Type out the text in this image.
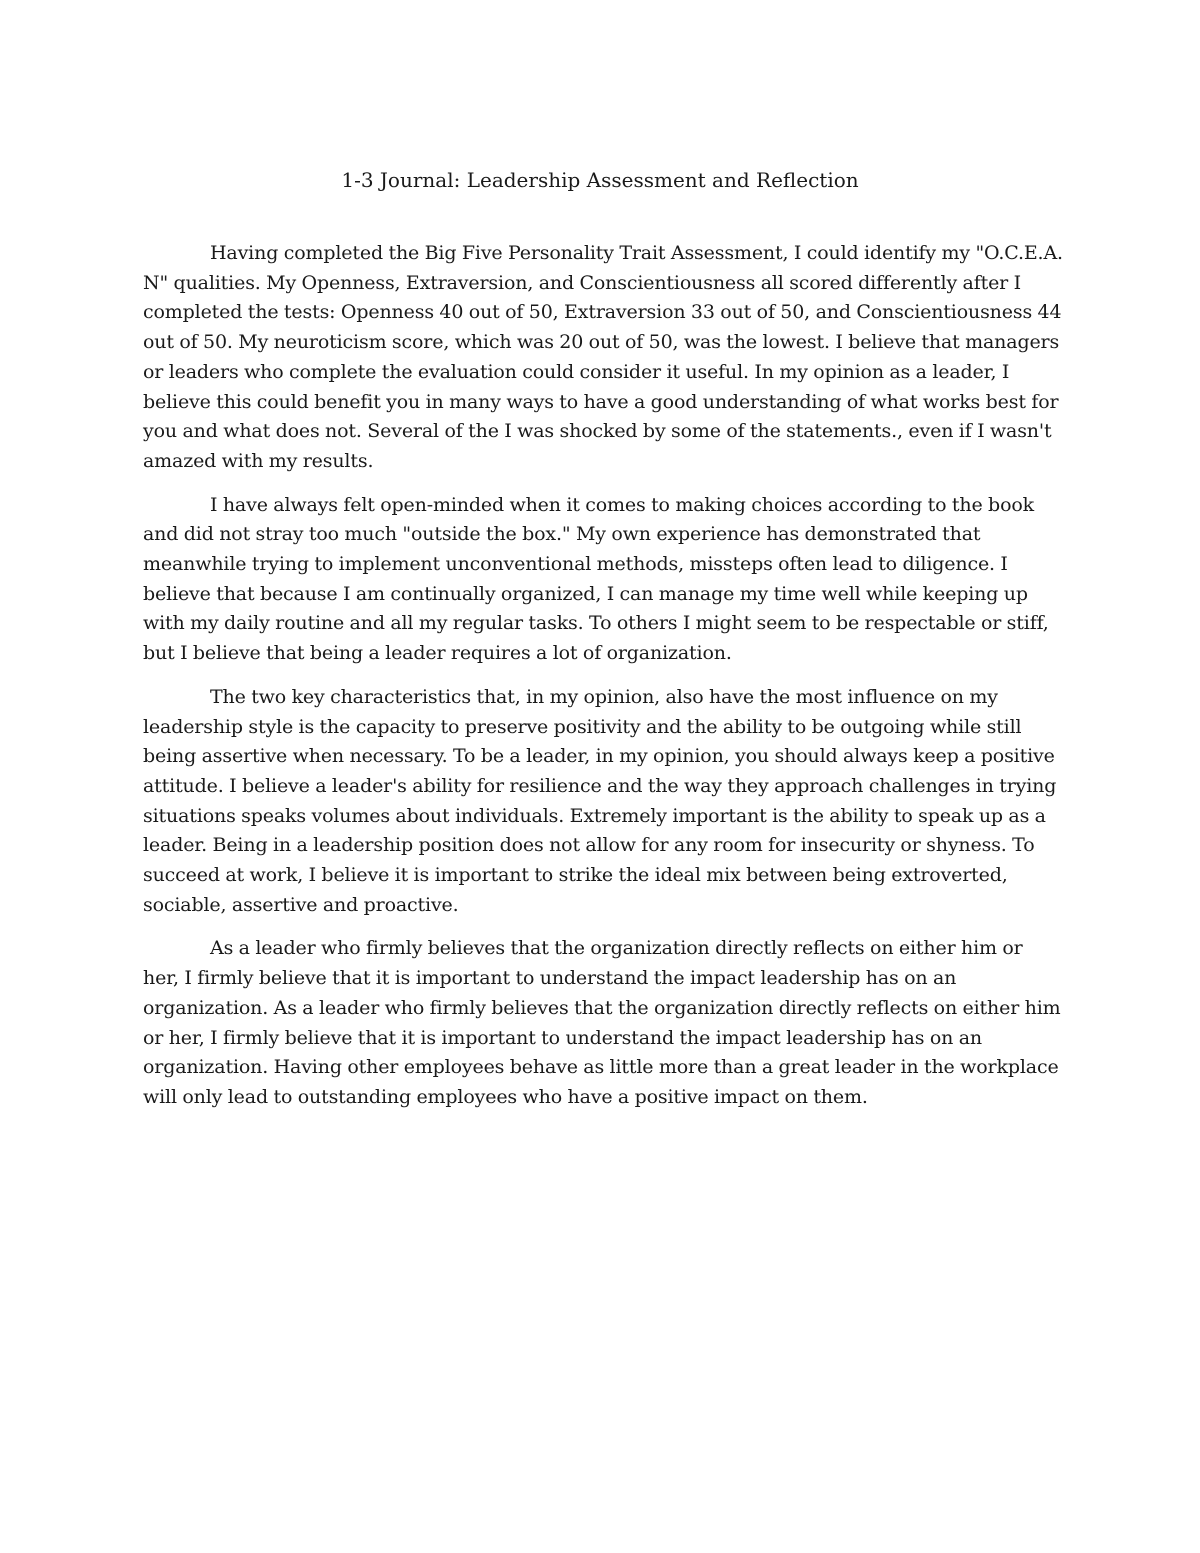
1-3 Journal: Leadership Assessment and Reflection

Having completed the Big Five Personality Trait Assessment, I could identify my "O.C.E.A. N" qualities. My Openness, Extraversion, and Conscientiousness all scored differently after I completed the tests: Openness 40 out of 50, Extraversion 33 out of 50, and Conscientiousness 44 out of 50. My neuroticism score, which was 20 out of 50, was the lowest. I believe that managers or leaders who complete the evaluation could consider it useful. In my opinion as a leader, I believe this could benefit you in many ways to have a good understanding of what works best for you and what does not. Several of the I was shocked by some of the statements., even if I wasn't amazed with my results.

I have always felt open-minded when it comes to making choices according to the book and did not stray too much "outside the box." My own experience has demonstrated that meanwhile trying to implement unconventional methods, missteps often lead to diligence. I believe that because I am continually organized, I can manage my time well while keeping up with my daily routine and all my regular tasks. To others I might seem to be respectable or stiff, but I believe that being a leader requires a lot of organization.

The two key characteristics that, in my opinion, also have the most influence on my leadership style is the capacity to preserve positivity and the ability to be outgoing while still being assertive when necessary. To be a leader, in my opinion, you should always keep a positive attitude. I believe a leader's ability for resilience and the way they approach challenges in trying situations speaks volumes about individuals. Extremely important is the ability to speak up as a leader. Being in a leadership position does not allow for any room for insecurity or shyness. To succeed at work, I believe it is important to strike the ideal mix between being extroverted, sociable, assertive and proactive.

As a leader who firmly believes that the organization directly reflects on either him or her, I firmly believe that it is important to understand the impact leadership has on an organization. As a leader who firmly believes that the organization directly reflects on either him or her, I firmly believe that it is important to understand the impact leadership has on an organization. Having other employees behave as little more than a great leader in the workplace will only lead to outstanding employees who have a positive impact on them.
